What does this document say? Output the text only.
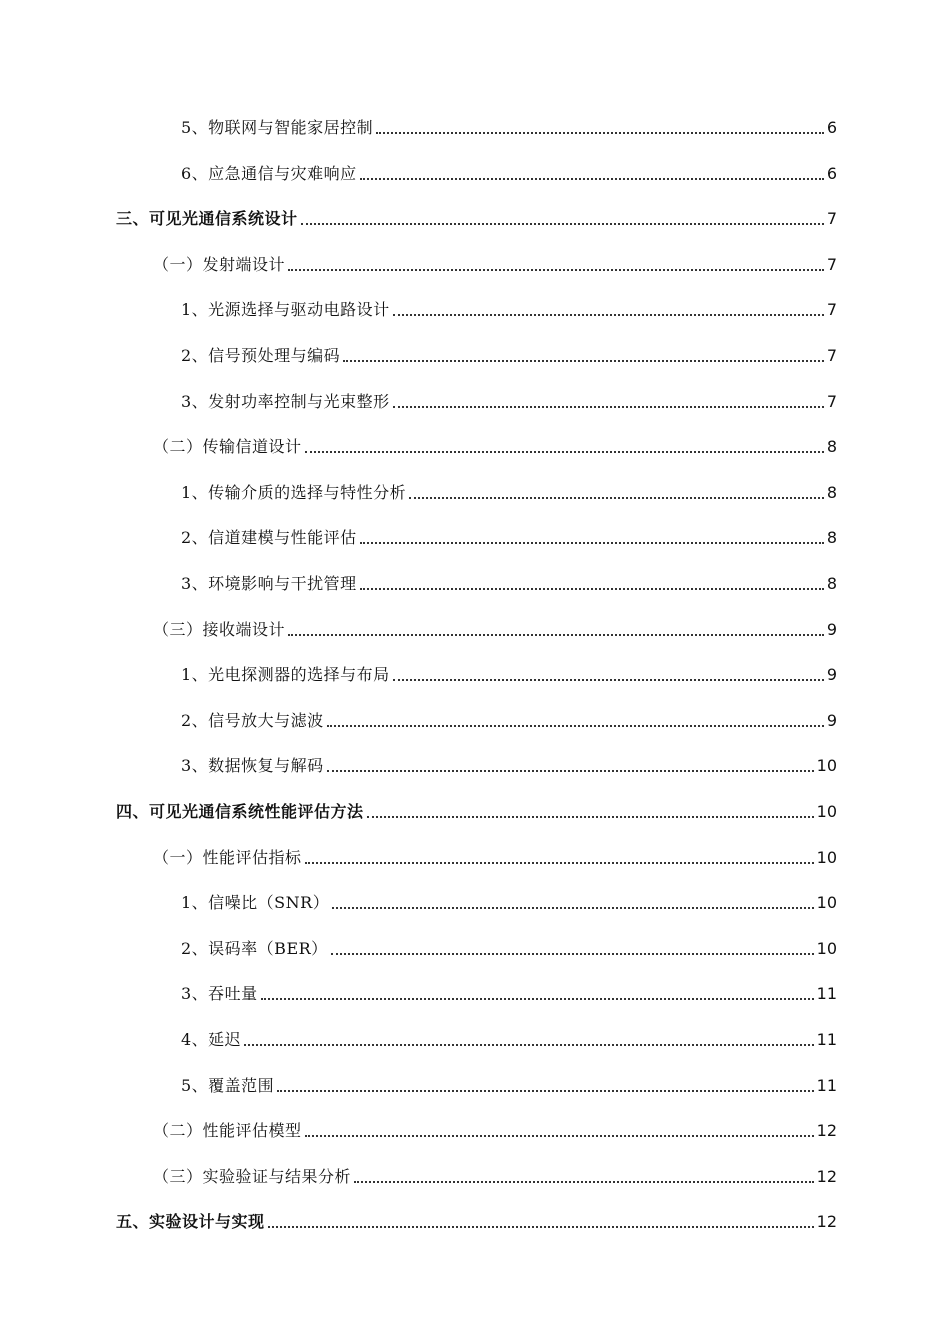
5、物联网与智能家居控制	6
6、应急通信与灾难响应	6
三、可见光通信系统设计	7
（一）发射端设计	7
1、光源选择与驱动电路设计	7
2、信号预处理与编码	7
3、发射功率控制与光束整形	7
（二）传输信道设计	8
1、传输介质的选择与特性分析	8
2、信道建模与性能评估	8
3、环境影响与干扰管理	8
（三）接收端设计	9
1、光电探测器的选择与布局	9
2、信号放大与滤波	9
3、数据恢复与解码	10
四、可见光通信系统性能评估方法	10
（一）性能评估指标	10
1、信噪比（SNR）	10
2、误码率（BER）	10
3、吞吐量	11
4、延迟	11
5、覆盖范围	11
（二）性能评估模型	12
（三）实验验证与结果分析	12
五、实验设计与实现	12
